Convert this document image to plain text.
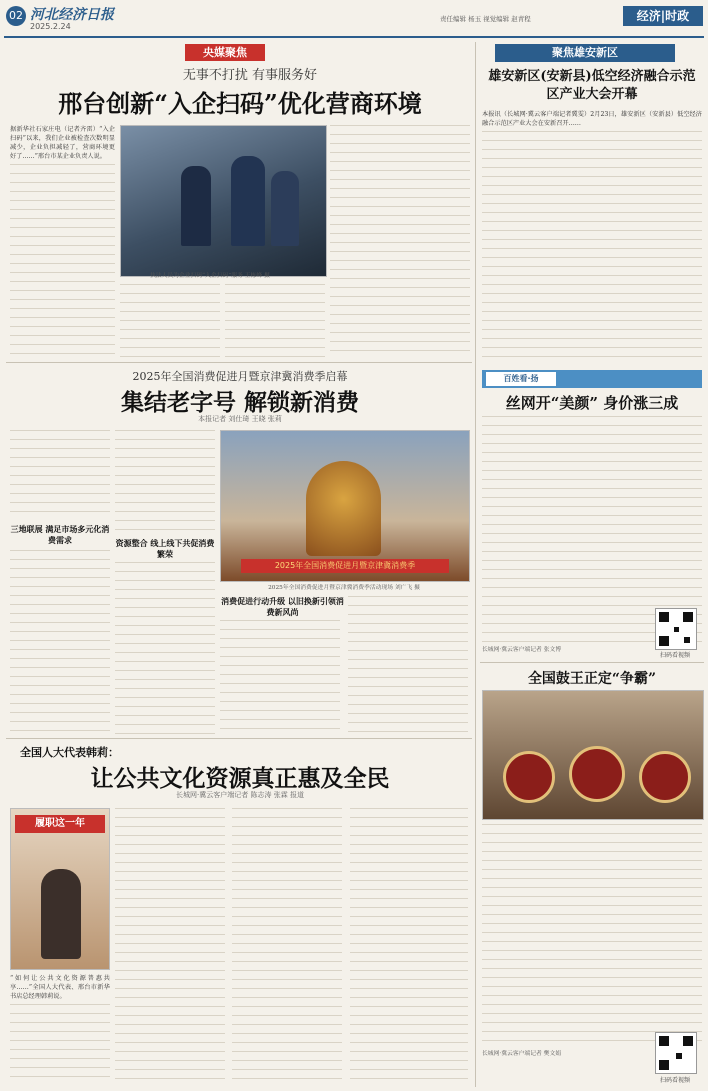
02 河北经济日报
2025.2.24
责任编辑 杨玉 视觉编辑 赵青程	经济|时政
央媒聚焦
无事不打扰 有事服务好
邢台创新“入企扫码”优化营商环境
据新华社石家庄电（记者齐雷）“入企扫码”以来，我们企业被检查次数明显减少，企业负担减轻了，营商环境更好了……”邢台市某企业负责人说。
执法人员为企业扫码“入企扫码”服务 王栋峰 摄
2025年全国消费促进月暨京津冀消费季启幕
集结老字号 解锁新消费
本报记者 刘仕琦 王晓 张莉
三地联展 满足市场多元化消费需求	资源整合 线上线下共促消费繁荣
2025年全国消费促进月暨京津冀消费季
2025年全国消费促进月暨京津冀消费季活动现场 刘广飞 摄
消费促进行动升级 以旧换新引领消费新风尚
全国人大代表韩莉：
让公共文化资源真正惠及全民
长城网·冀云客户端记者 陈志涛 张霖 报道
履职这一年
“如何让公共文化资源普惠共享……”全国人大代表、邢台市新华书店总经理韩莉说。
聚焦雄安新区
雄安新区(安新县)低空经济融合示范区产业大会开幕
本报讯（长城网·冀云客户端记者冀雯）2月23日，雄安新区（安新县）低空经济融合示范区产业大会在安新召开……
百姓看·扬
丝网开“美颜” 身价涨三成
长城网·冀云客户端记者 张文博
扫码看视频
全国鼓王正定“争霸”
长城网·冀云客户端记者 樊文娟
扫码看视频
